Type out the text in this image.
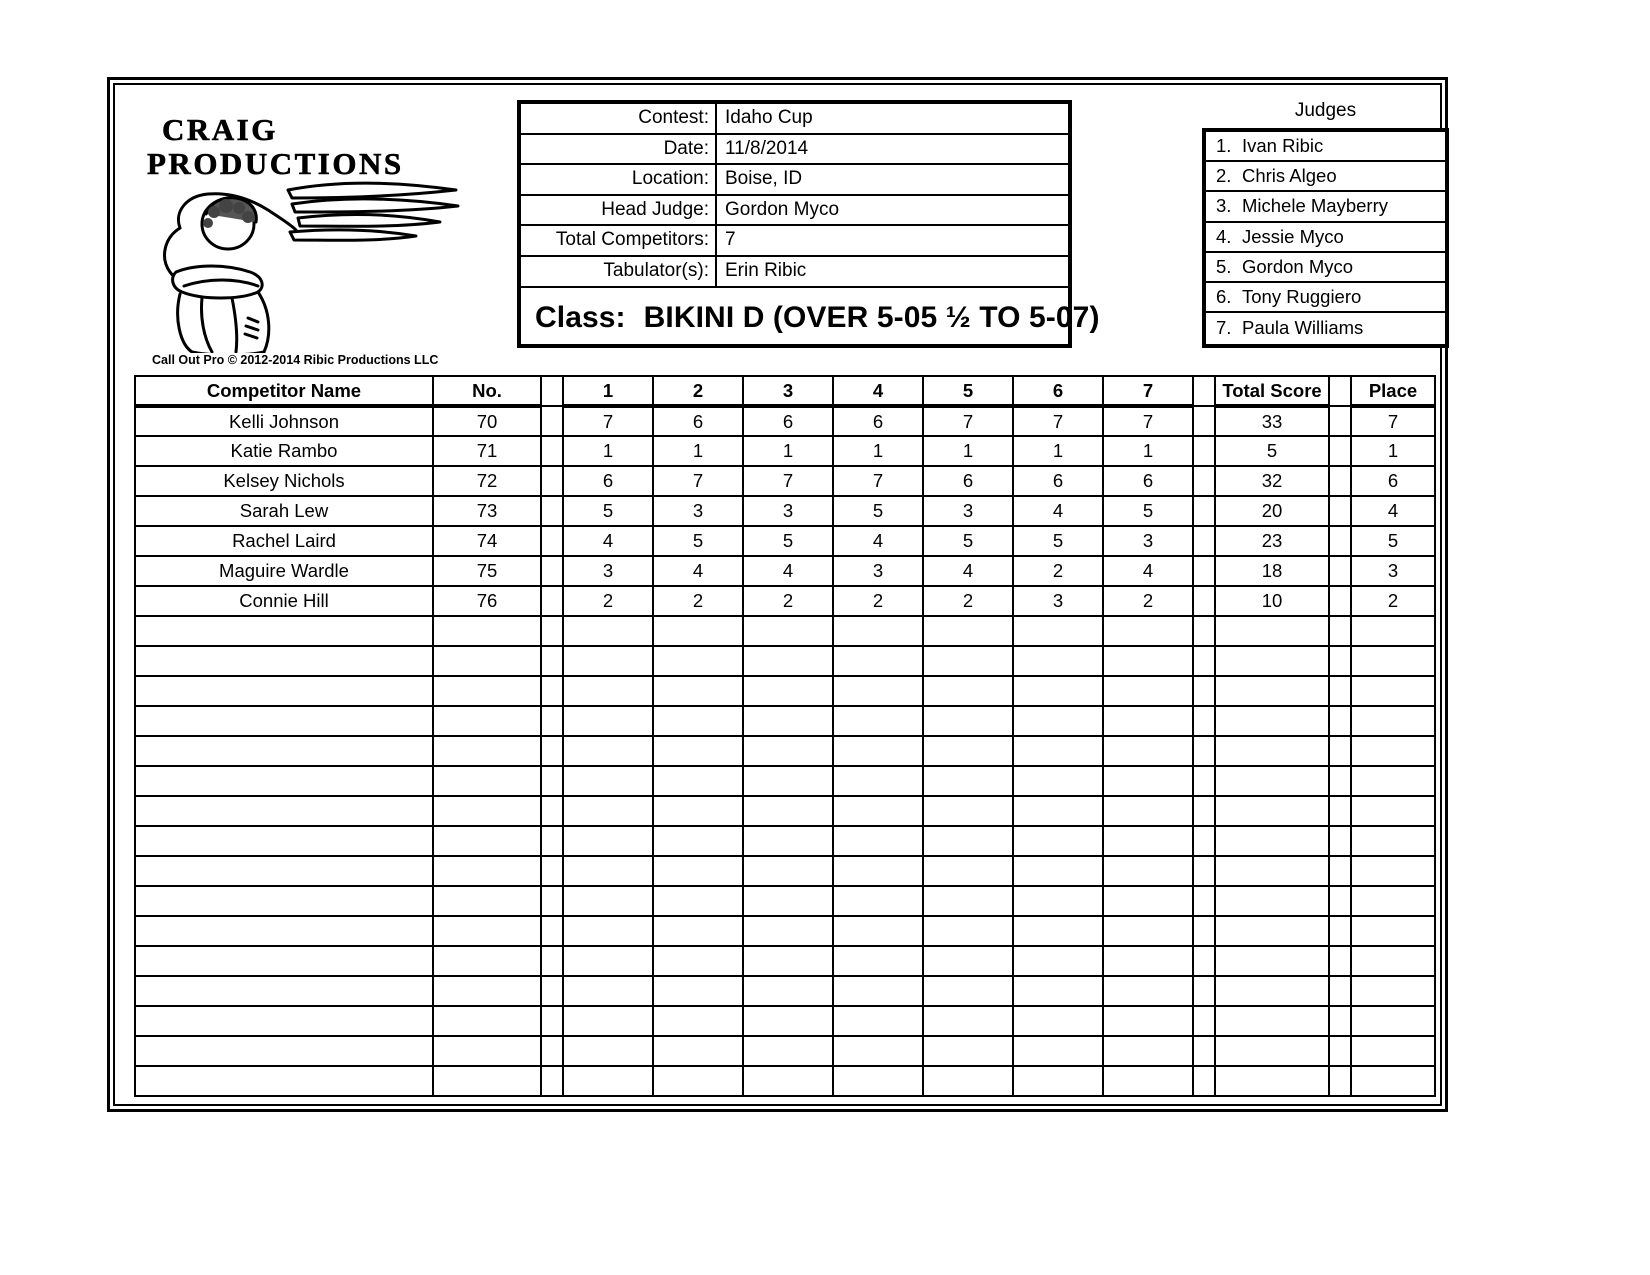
CRAIG
PRODUCTIONS
Call Out Pro © 2012-2014 Ribic Productions LLC
Contest: Idaho Cup
Date: 11/8/2014
Location: Boise, ID
Head Judge: Gordon Myco
Total Competitors: 7
Tabulator(s): Erin Ribic
Class: BIKINI D (OVER 5-05 ½ TO 5-07)
Judges
1. Ivan Ribic
2. Chris Algeo
3. Michele Mayberry
4. Jessie Myco
5. Gordon Myco
6. Tony Ruggiero
7. Paula Williams
Competitor Name	No.		1	2	3	4	5	6	7		Total Score		Place
Kelli Johnson	70		7	6	6	6	7	7	7		33		7
Katie Rambo	71		1	1	1	1	1	1	1		5		1
Kelsey Nichols	72		6	7	7	7	6	6	6		32		6
Sarah Lew	73		5	3	3	5	3	4	5		20		4
Rachel Laird	74		4	5	5	4	5	5	3		23		5
Maguire Wardle	75		3	4	4	3	4	2	4		18		3
Connie Hill	76		2	2	2	2	2	3	2		10		2
